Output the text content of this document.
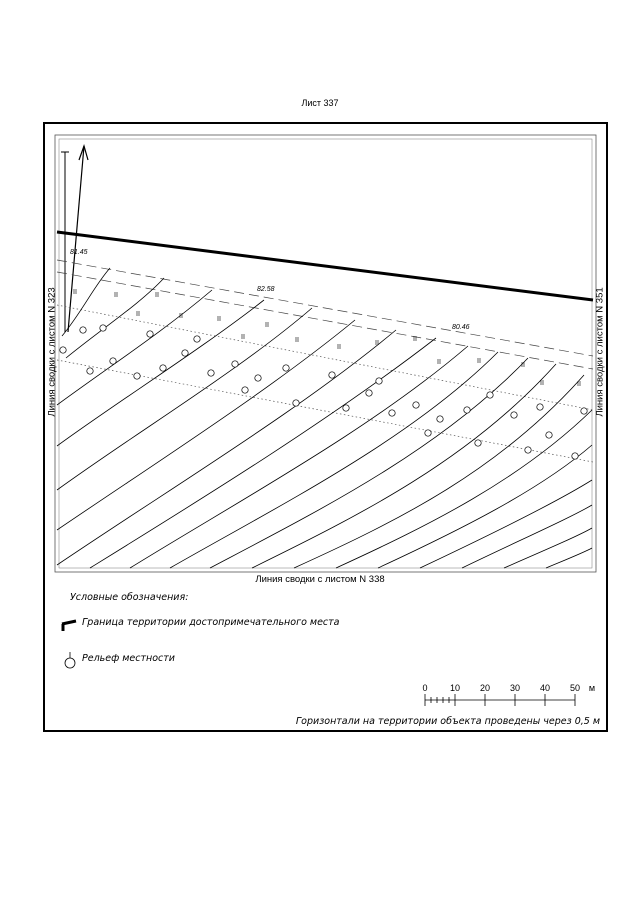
Лист 337
81.45
82.58
80.46
Линия сводки с листом N 323	Линия сводки с листом N 351
Линия сводки с листом N 338
Условные обозначения:
Граница территории достопримечательного места
Рельеф местности
0 10 20 30 40 50 м
Горизонтали на территории объекта проведены через 0,5 м
